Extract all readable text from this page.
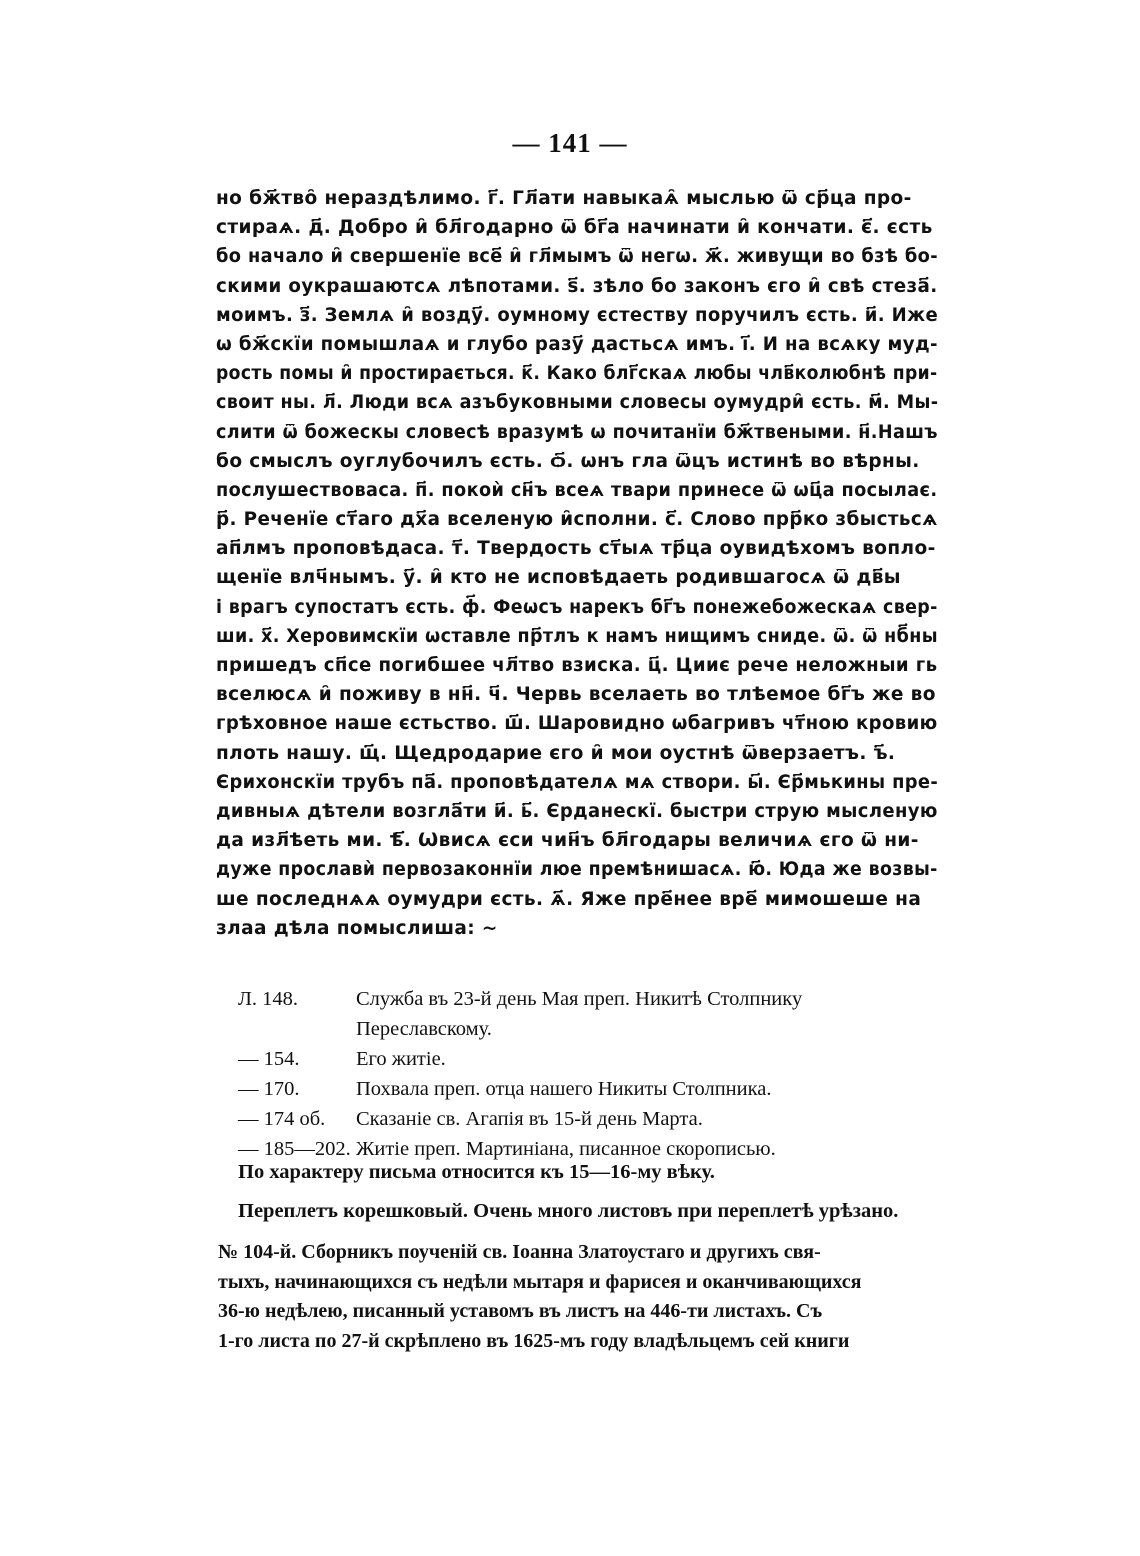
— 141 —
но бж҃тво̑ нераздѣлимо. г҃. Гл҃ати навыкаѧ̑ мыслью ѿ ср҃ца про-
стираѧ. д҃. Добро и̑ бл҃годарно ѿ бг҃а начинати и̑ кончати. є҃. єсть
бо начало и̑ свершенїе все҃ и̑ гл҃мымъ ѿ негѡ. ж҃. живущи во бзѣ бо-
скими оукрашаютсѧ лѣпотами. ѕ҃. зѣло бо законъ єго и̑ свѣ стеза҃.
моимъ. з҃. Землѧ и̑ возду҃. оумному єстеству поручилъ єсть. и҃. Иже
ѡ бж҃скїи помышлаѧ и глубо разу҃ дастьсѧ имъ. і҃. И на всѧку муд-
рость помы и̑ простирається. к҃. Како блг҃скаѧ любы члв҃колюбнѣ при-
своит ны. л҃. Люди всѧ азъбуковными словесы оумудри̑ єсть. м҃. Мы-
слити ѿ божескы словесѣ вразумѣ ѡ почитанїи бж҃твеными. н҃.Нашъ
бо смыслъ оуглубочилъ єсть. ѻ҃. ѡнъ гла ѿцъ истинѣ во вѣрны.
послушествоваса. п҃. покоѝ сн҃ъ всеѧ твари принесе ѿ ѡц҃а посылає.
р҃. Реченїе ст҃аго дх҃а вселеную и̑сполни. с҃. Слово прр҃ко збыстьсѧ
ап҃лмъ проповѣдаса. т҃. Твердость ст҃ыѧ тр҃ца оувидѣхомъ вопло-
щенїе влч҃нымъ. у҃. и̑ кто не исповѣдаеть родившагосѧ ѿ дв҃ы
і врагъ супостатъ єсть. ф҃. Феѡсъ нарекъ бг҃ъ понежебожескаѧ свер-
ши. х҃. Херовимскїи ѡставле пр҃тлъ к намъ нищимъ сниде. ѿ. ѿ нб҃ны
пришедъ сп҃се погибшее чл҃тво взиска. ц҃. Цииє рече неложныи гь
вселюсѧ и̑ поживу в нн҃. ч҃. Червь вселаеть во тлѣемое бг҃ъ же во
грѣховное наше єстьство. ш҃. Шаровидно ѡбагривъ чт҃ною кровию
плоть нашу. щ҃. Щедродарие єго и̑ мои оустнѣ ѿверзаетъ. ъ҃.
Єрихонскїи трубъ па҃. проповѣдателѧ мѧ створи. ы҃. Єр҃мькины пре-
дивныѧ дѣтели возгла҃ти и҃. ь҃. Єрданескї. быстри струю мысленую
да изл҃ѣеть ми. ѣ҃. Ѡвисѧ єси чин҃ъ бл҃годары величиѧ єго ѿ ни-
дуже прославѝ первозаконнїи люе премѣнишасѧ. ю҃. Юда же возвы-
ше последнѧѧ оумудри єсть. ѧ҃. Яже пре҃нее вре҃ мимошеше на
злаа дѣла помыслиша: ~
Л. 148.	Служба въ 23-й день Мая преп. Никитѣ Столпнику Переславскому.
— 154.	Его житіе.
— 170.	Похвала преп. отца нашего Никиты Столпника.
— 174 об.	Сказаніе св. Агапія въ 15-й день Марта.
— 185—202. Житіе преп. Мартиніана, писанное скорописью.
По характеру письма относится къ 15—16-му вѣку.
Переплетъ корешковый. Очень много листовъ при переплетѣ урѣзано.
№ 104-й. Сборникъ поученій св. Іоанна Златоустаго и другихъ свя-
тыхъ, начинающихся съ недѣли мытаря и фарисея и оканчивающихся
36-ю недѣлею, писанный уставомъ въ листъ на 446-ти листахъ. Съ
1-го листа по 27-й скрѣплено въ 1625-мъ году владѣльцемъ сей книги
